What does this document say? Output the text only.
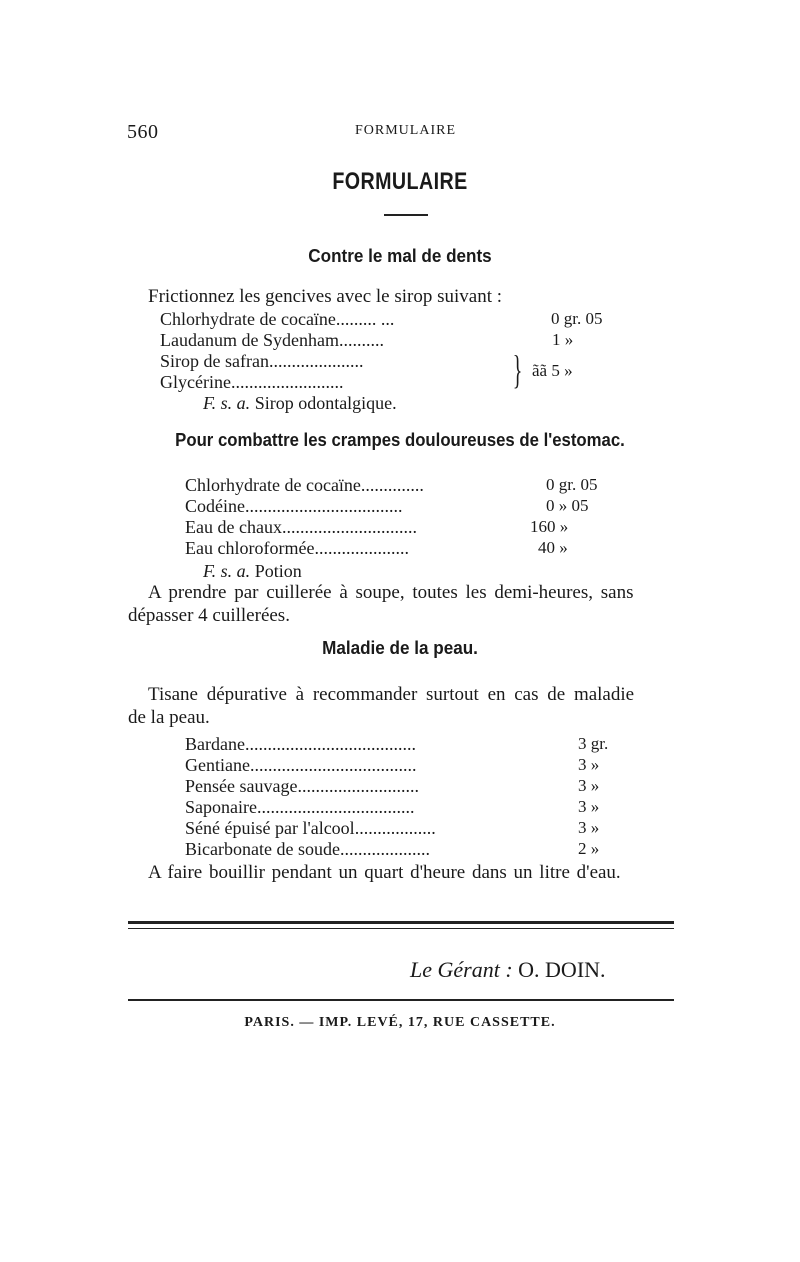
560	FORMULAIRE
FORMULAIRE
Contre le mal de dents
Frictionnez les gencives avec le sirop suivant :
Chlorhydrate de cocaïne......... ...	0 gr. 05
Laudanum de Sydenham..........	1 »
Sirop de safran.....................
Glycérine.........................	} ãã 5 »
F. s. a. Sirop odontalgique.
Pour combattre les crampes douloureuses de l'estomac.
Chlorhydrate de cocaïne..............	0 gr. 05
Codéine...................................	0 » 05
Eau de chaux..............................	160 »
Eau chloroformée.....................	40 »
F. s. a. Potion
A prendre par cuillerée à soupe, toutes les demi-heures, sans
dépasser 4 cuillerées.
Maladie de la peau.
Tisane dépurative à recommander surtout en cas de maladie
de la peau.
Bardane......................................	3 gr.
Gentiane.....................................	3 »
Pensée sauvage...........................	3 »
Saponaire...................................	3 »
Séné épuisé par l'alcool..................	3 »
Bicarbonate de soude....................	2 »
A faire bouillir pendant un quart d'heure dans un litre d'eau.
Le Gérant : O. DOIN.
PARIS. — IMP. LEVÉ, 17, RUE CASSETTE.
